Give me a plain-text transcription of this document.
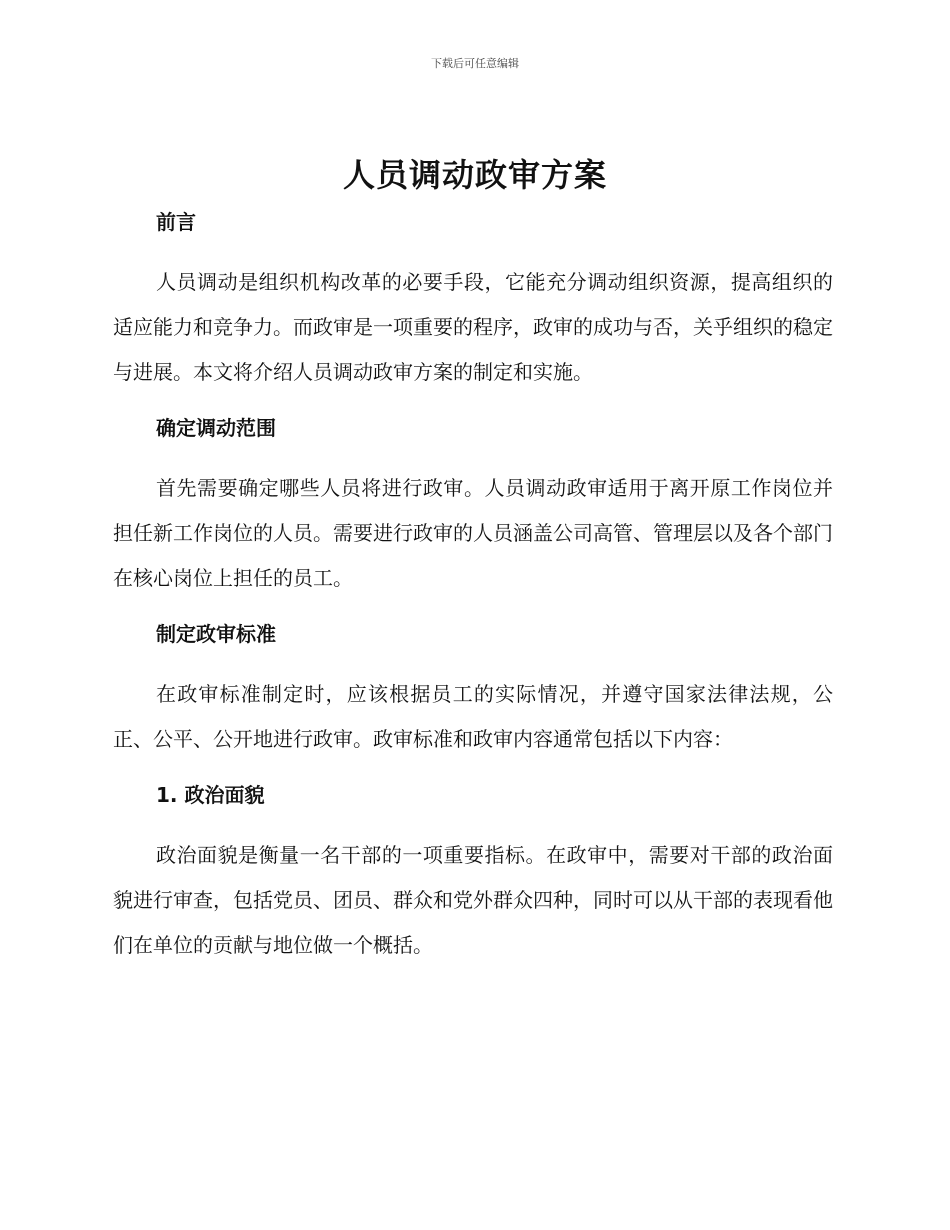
下载后可任意编辑
人员调动政审方案

前言

人员调动是组织机构改革的必要手段，它能充分调动组织资源，提高组织的适应能力和竞争力。而政审是一项重要的程序，政审的成功与否，关乎组织的稳定与进展。本文将介绍人员调动政审方案的制定和实施。

确定调动范围

首先需要确定哪些人员将进行政审。人员调动政审适用于离开原工作岗位并担任新工作岗位的人员。需要进行政审的人员涵盖公司高管、管理层以及各个部门在核心岗位上担任的员工。

制定政审标准

在政审标准制定时，应该根据员工的实际情况，并遵守国家法律法规，公正、公平、公开地进行政审。政审标准和政审内容通常包括以下内容：

1. 政治面貌

政治面貌是衡量一名干部的一项重要指标。在政审中，需要对干部的政治面貌进行审查，包括党员、团员、群众和党外群众四种，同时可以从干部的表现看他们在单位的贡献与地位做一个概括。
